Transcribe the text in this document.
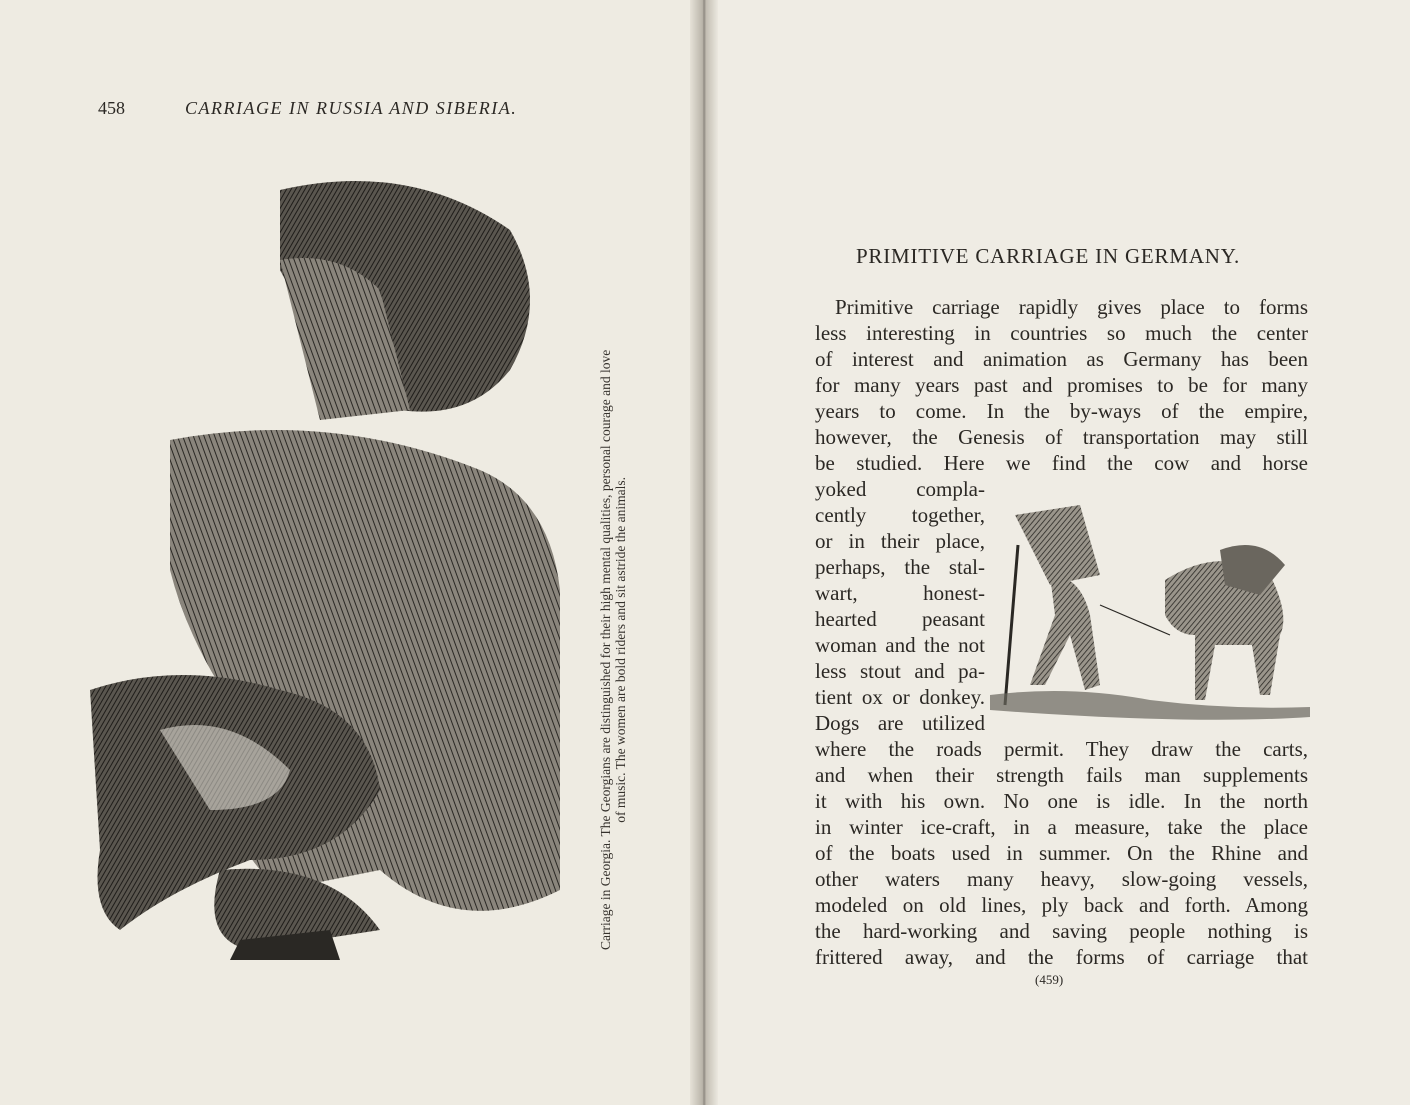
458	CARRIAGE IN RUSSIA AND SIBERIA.
Carriage in Georgia. The Georgians are distinguished for their high mental qualities, personal courage and love of music. The women are bold riders and sit astride the animals.
PRIMITIVE CARRIAGE IN GERMANY.
Primitive carriage rapidly gives place to forms
less interesting in countries so much the center
of interest and animation as Germany has been
for many years past and promises to be for many
years to come. In the by-ways of the empire,
however, the Genesis of transportation may still
be studied. Here we find the cow and horse
yoked compla-
cently together,
or in their place,
perhaps, the stal-
wart, honest-
hearted peasant
woman and the not
less stout and pa-
tient ox or donkey.
Dogs are utilized
where the roads permit. They draw the carts,
and when their strength fails man supplements
it with his own. No one is idle. In the north
in winter ice-craft, in a measure, take the place
of the boats used in summer. On the Rhine and
other waters many heavy, slow-going vessels,
modeled on old lines, ply back and forth. Among
the hard-working and saving people nothing is
frittered away, and the forms of carriage that
(459)
